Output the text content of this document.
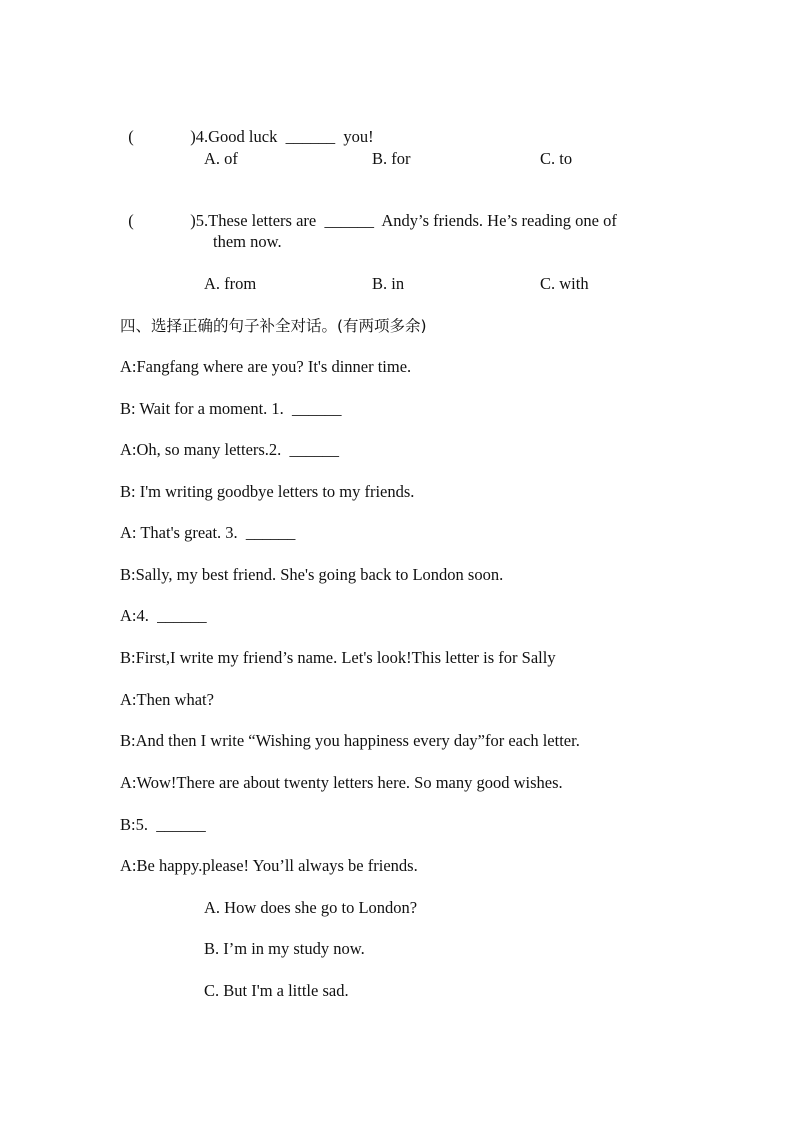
(	)4.Good luck  ______  you!

A. of	B. for	C. to

(	)5.These letters are  ______  Andy’s friends. He’s reading one of

them now.
A. from	B. in	C. with
四、选择正确的句子补全对话。(有两项多余)
A:Fangfang where are you? It's dinner time.
B: Wait for a moment. 1.  ______
A:Oh, so many letters.2.  ______
B: I'm writing goodbye letters to my friends.
A: That's great. 3.  ______
B:Sally, my best friend. She's going back to London soon.
A:4.  ______
B:First,I write my friend’s name. Let's look!This letter is for Sally
A:Then what?
B:And then I write “Wishing you happiness every day”for each letter.
A:Wow!There are about twenty letters here. So many good wishes.
B:5.  ______
A:Be happy.please! You’ll always be friends.
A. How does she go to London?
B. I’m in my study now.
C. But I'm a little sad.
